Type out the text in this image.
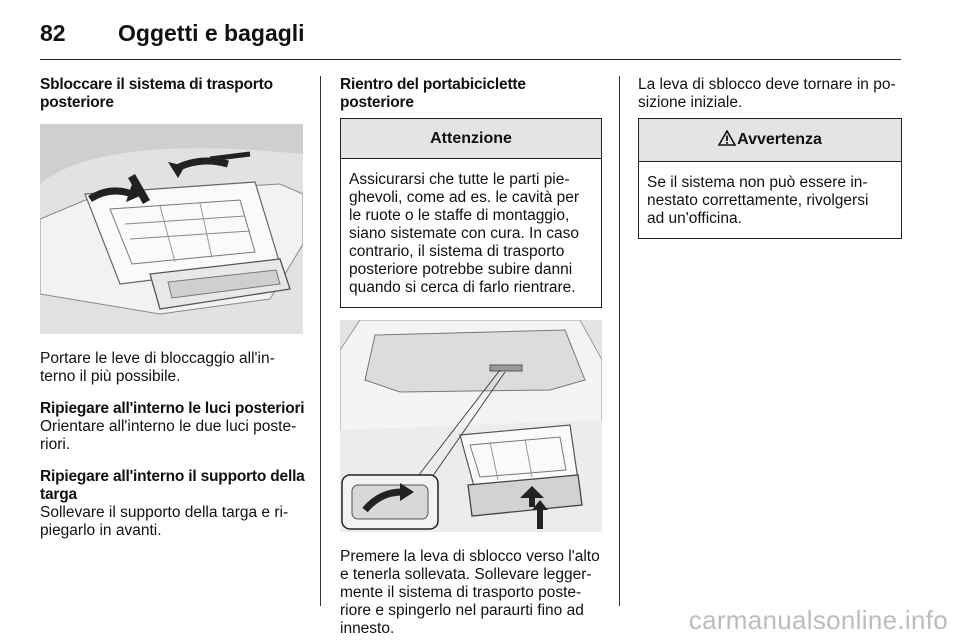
82 Oggetti e bagagli
Sbloccare il sistema di trasporto
posteriore

Portare le leve di bloccaggio all'in-
terno il più possibile.

Ripiegare all'interno le luci posteriori

Orientare all'interno le due luci poste-
riori.

Ripiegare all'interno il supporto della
targa

Sollevare il supporto della targa e ri-
piegarlo in avanti.

Rientro del portabiciclette posteriore
Attenzione
Assicurarsi che tutte le parti pie-
ghevoli, come ad es. le cavità per
le ruote o le staffe di montaggio,
siano sistemate con cura. In caso
contrario, il sistema di trasporto
posteriore potrebbe subire danni
quando si cerca di farlo rientrare.

Premere la leva di sblocco verso l'alto
e tenerla sollevata. Sollevare legger-
mente il sistema di trasporto poste-
riore e spingerlo nel paraurti fino ad
innesto.

La leva di sblocco deve tornare in po-
sizione iniziale.

Avvertenza
Se il sistema non può essere in-
nestato correttamente, rivolgersi
ad un'officina.
carmanualsonline.info
